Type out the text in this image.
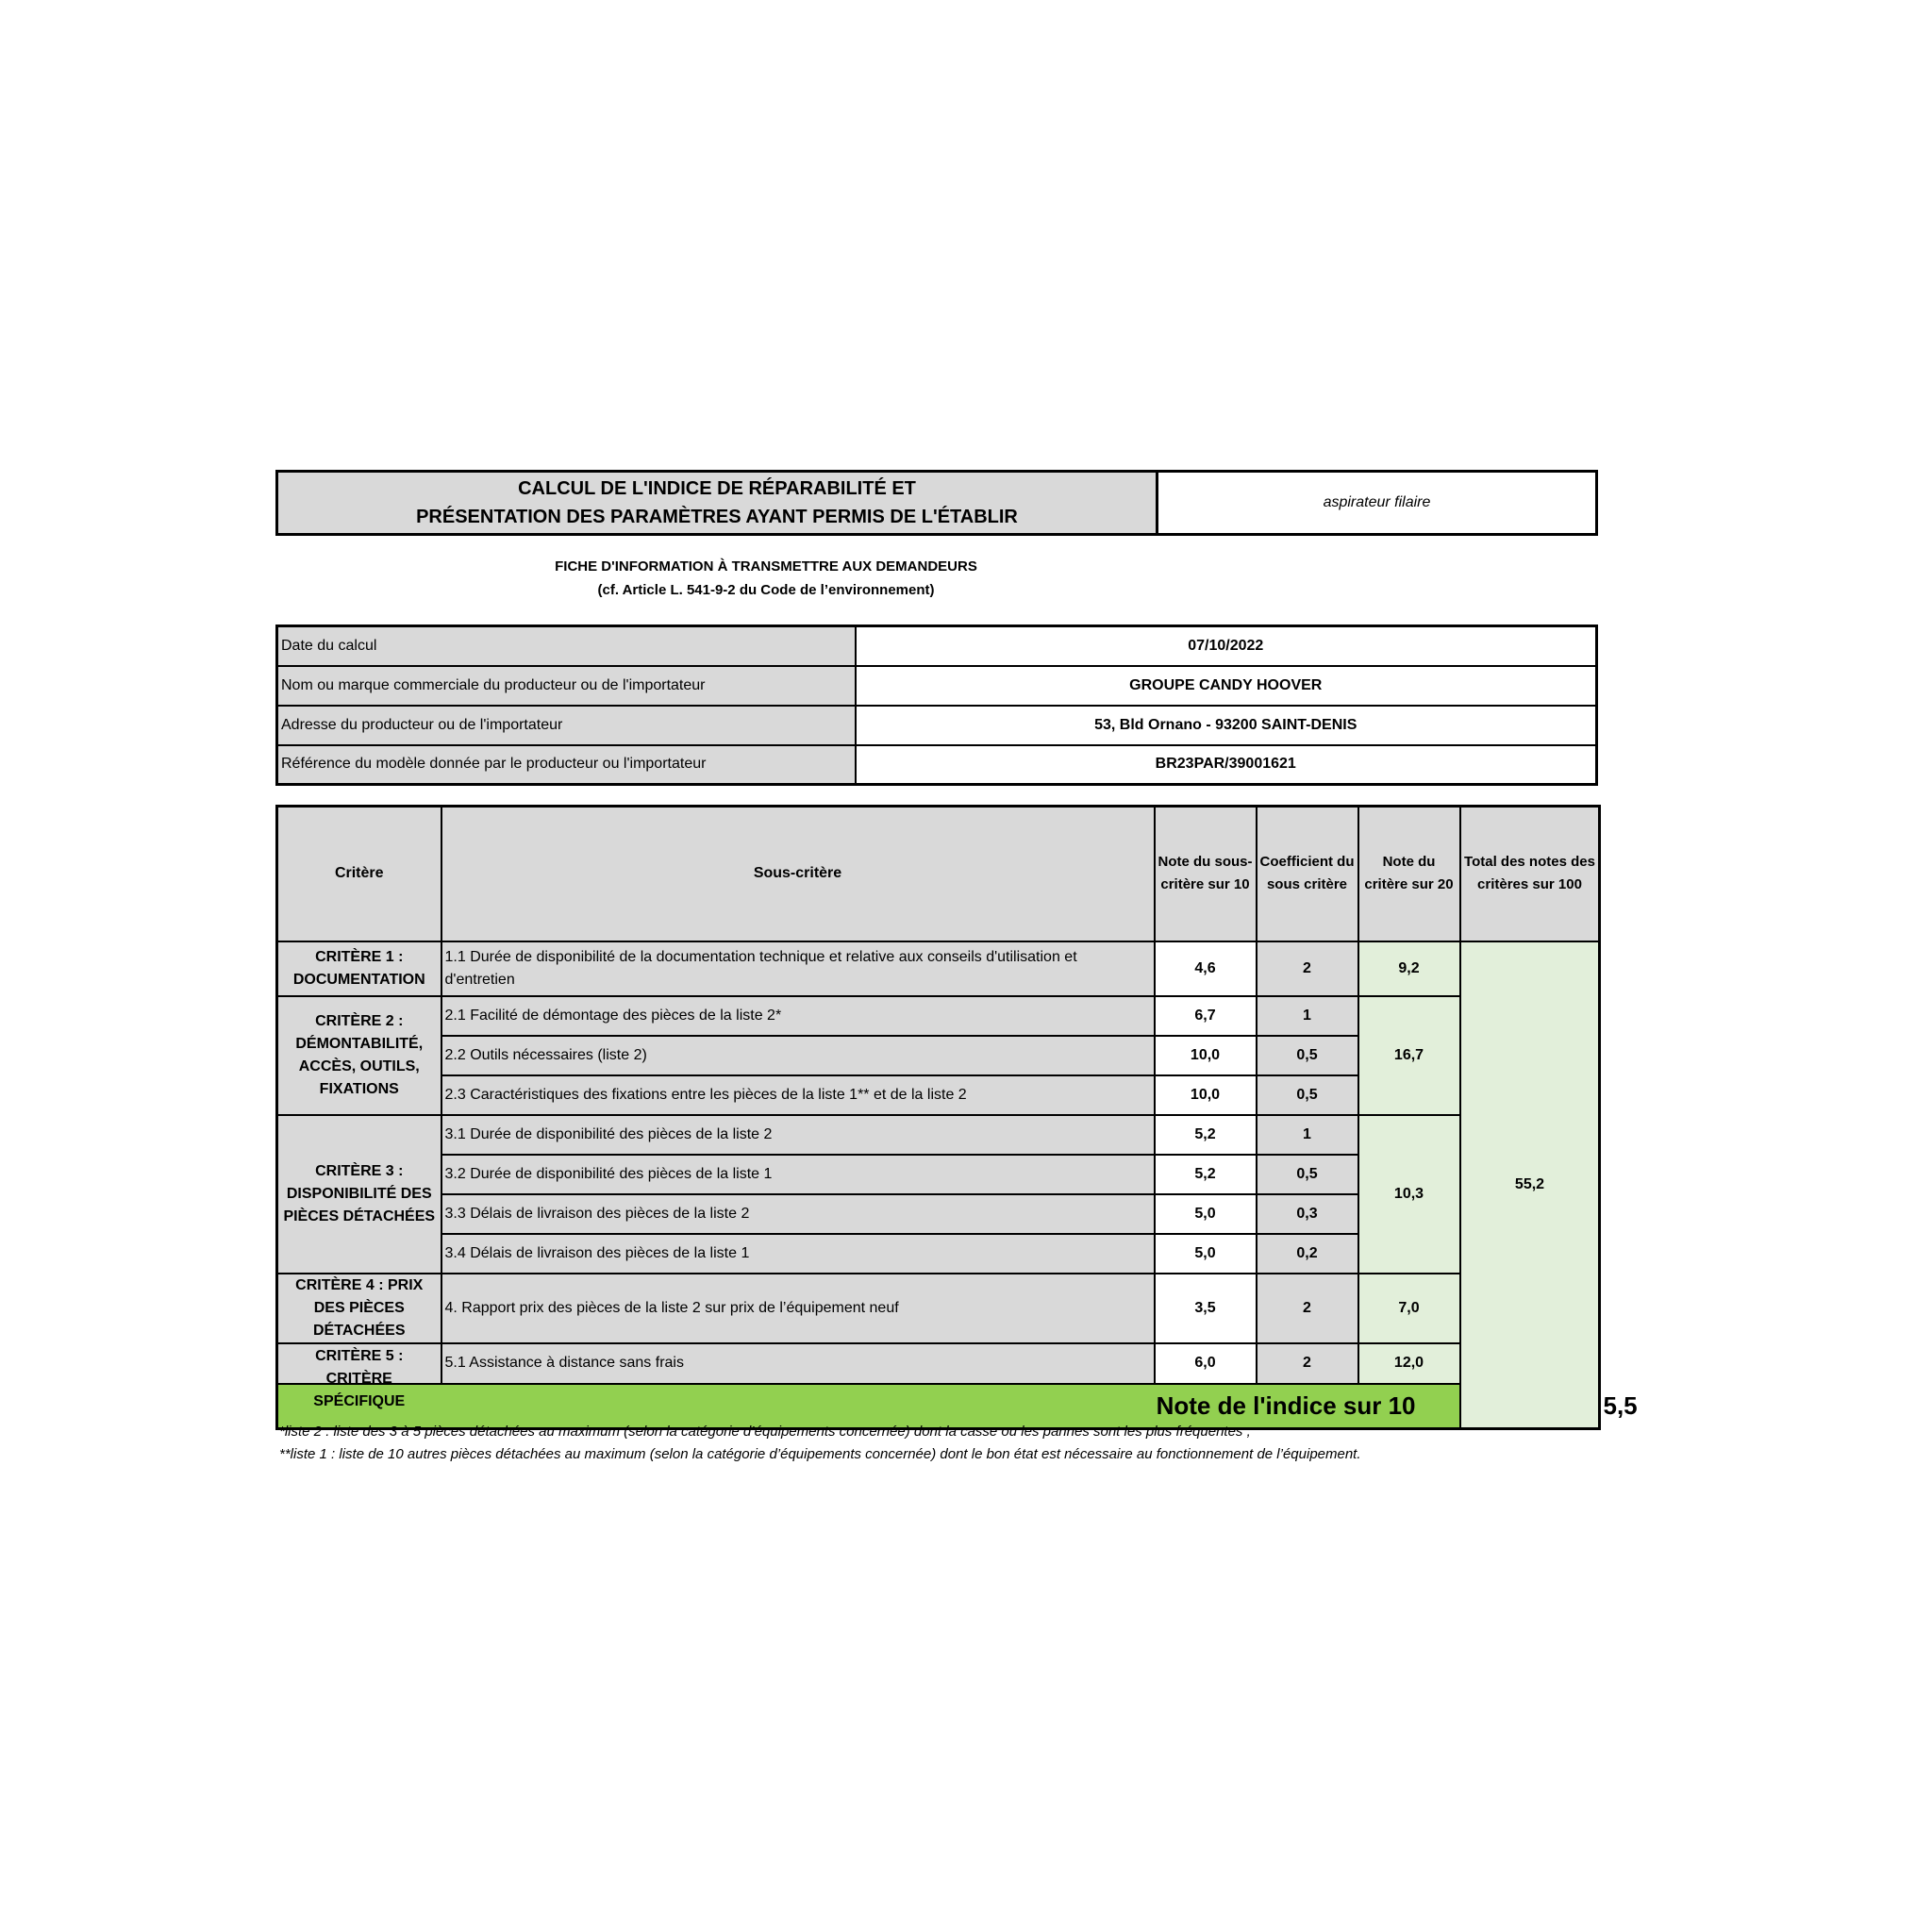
CALCUL DE L'INDICE DE RÉPARABILITÉ ET
PRÉSENTATION DES PARAMÈTRES AYANT PERMIS DE L'ÉTABLIR
aspirateur filaire
FICHE D'INFORMATION À TRANSMETTRE AUX DEMANDEURS
(cf. Article L. 541-9-2 du Code de l’environnement)
Date du calcul	07/10/2022
Nom ou marque commerciale du producteur ou de l'importateur	GROUPE CANDY HOOVER
Adresse du producteur ou de l'importateur	53, Bld Ornano - 93200 SAINT-DENIS
Référence du modèle donnée par le producteur ou l'importateur	BR23PAR/39001621
Critère	Sous-critère	Note du sous-critère sur 10	Coefficient du sous critère	Note du critère sur 20	Total des notes des critères sur 100	
CRITÈRE 1 : DOCUMENTATION	1.1 Durée de disponibilité de la documentation technique et relative aux conseils d'utilisation et d'entretien	4,6	2	9,2	55,2	
CRITÈRE 2 : DÉMONTABILITÉ, ACCÈS, OUTILS, FIXATIONS	2.1 Facilité de démontage des pièces de la liste 2*	6,7	1	16,7		
	2.2 Outils nécessaires (liste 2)	10,0	0,5			
	2.3 Caractéristiques des fixations entre les pièces de la liste 1** et de la liste 2	10,0	0,5			
CRITÈRE 3 : DISPONIBILITÉ DES PIÈCES DÉTACHÉES	3.1 Durée de disponibilité des pièces de la liste 2	5,2	1	10,3		
	3.2 Durée de disponibilité des pièces de la liste 1	5,2	0,5			
	3.3 Délais de livraison des pièces de la liste 2	5,0	0,3			
	3.4 Délais de livraison des pièces de la liste 1	5,0	0,2			
CRITÈRE 4 : PRIX DES PIÈCES DÉTACHÉES	4. Rapport prix des pièces de la liste 2 sur prix de l’équipement neuf	3,5	2	7,0		

CRITÈRE 5 : CRITÈRE SPÉCIFIQUE	5.1 Assistance à distance sans frais	6,0	2	12,0		
Note de l'indice sur 10						5,5
*liste 2 : liste des 3 à 5 pièces détachées au maximum (selon la catégorie d’équipements concernée) dont la casse ou les pannes sont les plus fréquentes ;
**liste 1 : liste de 10 autres pièces détachées au maximum (selon la catégorie d’équipements concernée) dont le bon état est nécessaire au fonctionnement de l’équipement.
